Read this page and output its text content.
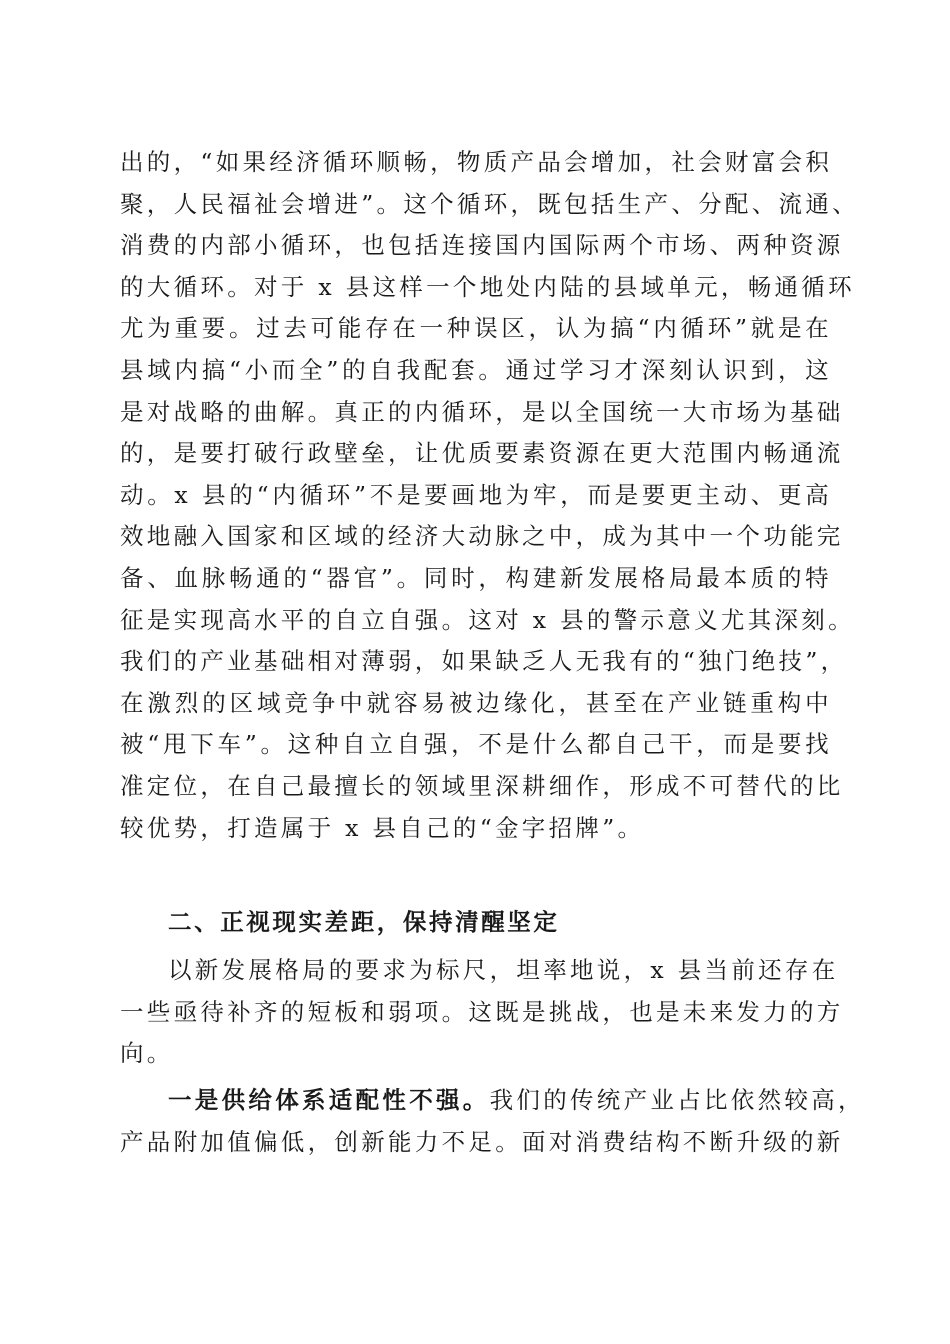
出的，“如果经济循环顺畅，物质产品会增加，社会财富会积
聚，人民福祉会增进”。这个循环，既包括生产、分配、流通、
消费的内部小循环，也包括连接国内国际两个市场、两种资源
的大循环。对于 x 县这样一个地处内陆的县域单元，畅通循环
尤为重要。过去可能存在一种误区，认为搞“内循环”就是在
县域内搞“小而全”的自我配套。通过学习才深刻认识到，这
是对战略的曲解。真正的内循环，是以全国统一大市场为基础
的，是要打破行政壁垒，让优质要素资源在更大范围内畅通流
动。x 县的“内循环”不是要画地为牢，而是要更主动、更高
效地融入国家和区域的经济大动脉之中，成为其中一个功能完
备、血脉畅通的“器官”。同时，构建新发展格局最本质的特
征是实现高水平的自立自强。这对 x 县的警示意义尤其深刻。
我们的产业基础相对薄弱，如果缺乏人无我有的“独门绝技”，
在激烈的区域竞争中就容易被边缘化，甚至在产业链重构中
被“甩下车”。这种自立自强，不是什么都自己干，而是要找
准定位，在自己最擅长的领域里深耕细作，形成不可替代的比
较优势，打造属于 x 县自己的“金字招牌”。
二、正视现实差距，保持清醒坚定
以新发展格局的要求为标尺，坦率地说，x 县当前还存在
一些亟待补齐的短板和弱项。这既是挑战，也是未来发力的方
向。
一是供给体系适配性不强。我们的传统产业占比依然较高，
产品附加值偏低，创新能力不足。面对消费结构不断升级的新
